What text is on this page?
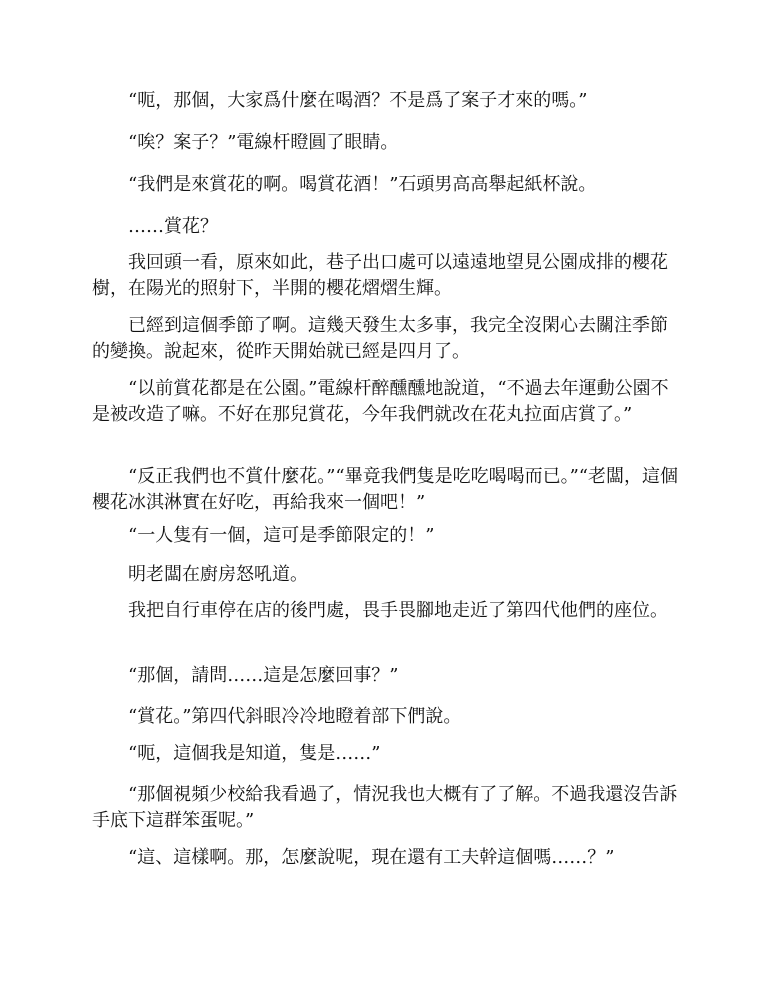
“呃，那個，大家爲什麼在喝酒？不是爲了案子才來的嗎。”

“唉？案子？”電線杆瞪圓了眼睛。

“我們是來賞花的啊。喝賞花酒！”石頭男高高舉起紙杯說。

……賞花？

我回頭一看，原來如此，巷子出口處可以遠遠地望見公園成排的櫻花樹，在陽光的照射下，半開的櫻花熠熠生輝。

已經到這個季節了啊。這幾天發生太多事，我完全沒閑心去關注季節的變換。說起來，從昨天開始就已經是四月了。

“以前賞花都是在公園。”電線杆醉醺醺地說道，“不過去年運動公園不是被改造了嘛。不好在那兒賞花，今年我們就改在花丸拉面店賞了。”

“反正我們也不賞什麼花。”“畢竟我們隻是吃吃喝喝而已。”“老闆，這個櫻花冰淇淋實在好吃，再給我來一個吧！”

“一人隻有一個，這可是季節限定的！”

明老闆在廚房怒吼道。

我把自行車停在店的後門處，畏手畏腳地走近了第四代他們的座位。

“那個，請問……這是怎麼回事？”

“賞花。”第四代斜眼冷冷地瞪着部下們說。

“呃，這個我是知道，隻是……”

“那個視頻少校給我看過了，情況我也大概有了了解。不過我還沒告訴手底下這群笨蛋呢。”

“這、這樣啊。那，怎麼說呢，現在還有工夫幹這個嗎……？”
